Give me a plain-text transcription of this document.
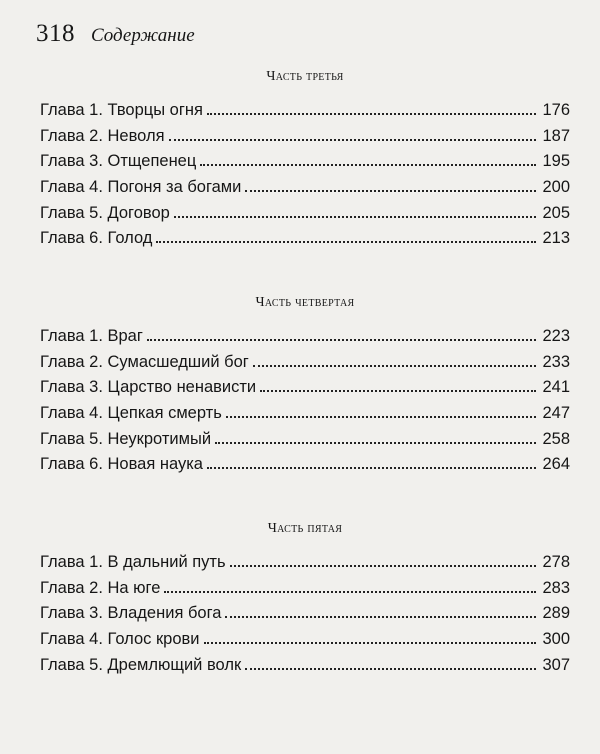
318 Содержание
Часть третья
Глава 1. Творцы огня	176
Глава 2. Неволя	187
Глава 3. Отщепенец	195
Глава 4. Погоня за богами	200
Глава 5. Договор	205
Глава 6. Голод	213
Часть четвертая
Глава 1. Враг	223
Глава 2. Сумасшедший бог	233
Глава 3. Царство ненависти	241
Глава 4. Цепкая смерть	247
Глава 5. Неукротимый	258
Глава 6. Новая наука	264
Часть пятая
Глава 1. В дальний путь	278
Глава 2. На юге	283
Глава 3. Владения бога	289
Глава 4. Голос крови	300
Глава 5. Дремлющий волк	307
